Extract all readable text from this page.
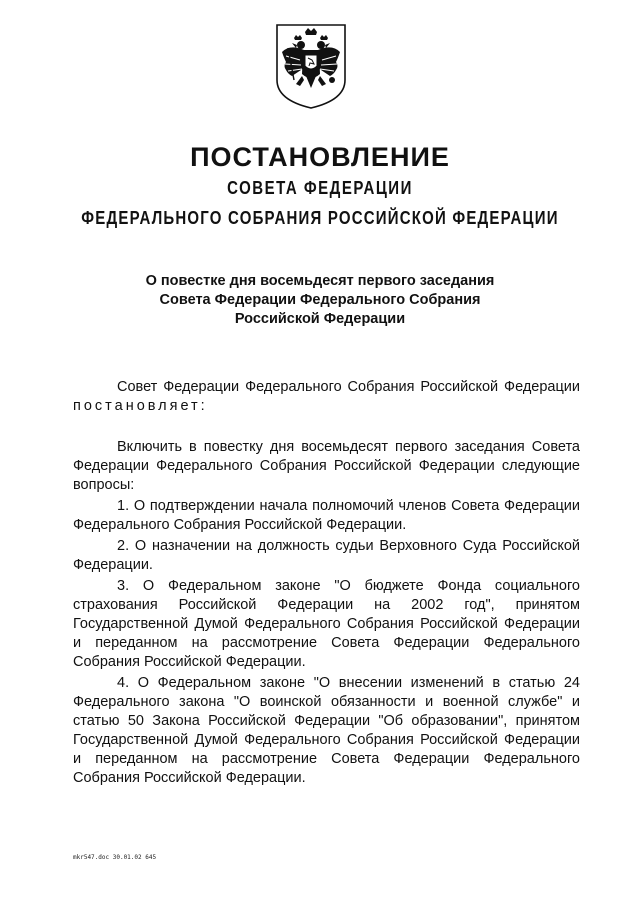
ПОСТАНОВЛЕНИЕ
СОВЕТА ФЕДЕРАЦИИ
ФЕДЕРАЛЬНОГО СОБРАНИЯ РОССИЙСКОЙ ФЕДЕРАЦИИ
О повестке дня восемьдесят первого заседания
Совета Федерации Федерального Собрания
Российской Федерации

Совет Федерации Федерального Собрания Российской Федерации постановляет:

Включить в повестку дня восемьдесят первого заседания Совета Федерации Федерального Собрания Российской Федерации следующие вопросы:

1. О подтверждении начала полномочий членов Совета Федерации Федерального Собрания Российской Федерации.

2. О назначении на должность судьи Верховного Суда Российской Федерации.

3. О Федеральном законе "О бюджете Фонда социального страхования Российской Федерации на 2002 год", принятом Государственной Думой Федерального Собрания Российской Федерации и переданном на рассмотрение Совета Федерации Федерального Собрания Российской Федерации.

4. О Федеральном законе "О внесении изменений в статью 24 Федерального закона "О воинской обязанности и военной службе" и статью 50 Закона Российской Федерации "Об образовании", принятом Государственной Думой Федерального Собрания Российской Федерации и переданном на рассмотрение Совета Федерации Федерального Собрания Российской Федерации.

mkr547.doc 30.01.02 645
